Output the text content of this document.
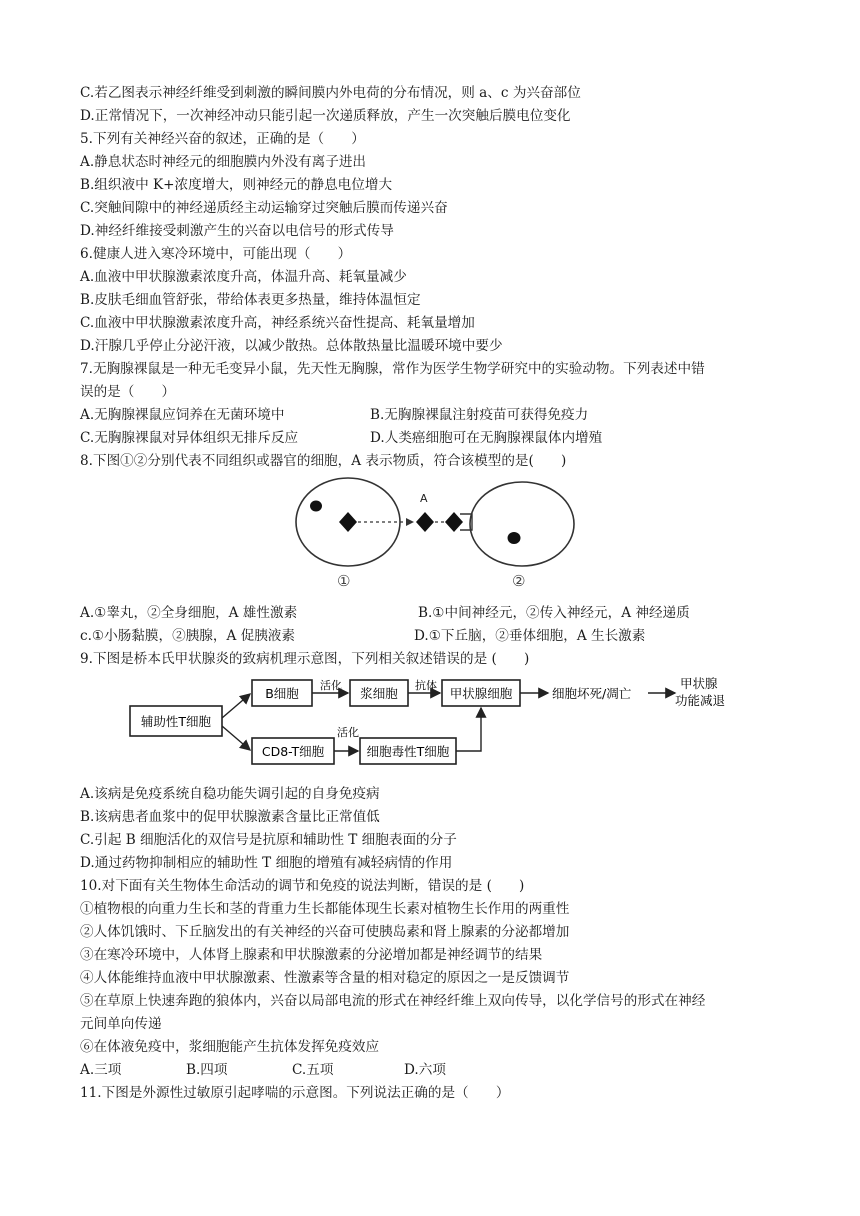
C.若乙图表示神经纤维受到刺激的瞬间膜内外电荷的分布情况，则 a、c 为兴奋部位
D.正常情况下，一次神经冲动只能引起一次递质释放，产生一次突触后膜电位变化
5.下列有关神经兴奋的叙述，正确的是（　　）
A.静息状态时神经元的细胞膜内外没有离子进出
B.组织液中 K+浓度增大，则神经元的静息电位增大
C.突触间隙中的神经递质经主动运输穿过突触后膜而传递兴奋
D.神经纤维接受刺激产生的兴奋以电信号的形式传导
6.健康人进入寒冷环境中，可能出现（　　）
A.血液中甲状腺激素浓度升高，体温升高、耗氧量减少
B.皮肤毛细血管舒张，带给体表更多热量，维持体温恒定
C.血液中甲状腺激素浓度升高，神经系统兴奋性提高、耗氧量增加
D.汗腺几乎停止分泌汗液，以减少散热。总体散热量比温暖环境中要少
7.无胸腺裸鼠是一种无毛变异小鼠，先天性无胸腺，常作为医学生物学研究中的实验动物。下列表述中错
误的是（　　）
A.无胸腺裸鼠应饲养在无菌环境中	B.无胸腺裸鼠注射疫苗可获得免疫力
C.无胸腺裸鼠对异体组织无排斥反应	D.人类癌细胞可在无胸腺裸鼠体内增殖
8.下图①②分别代表不同组织或器官的细胞，A 表示物质，符合该模型的是(　　)
A
①	②
A.①睾丸，②全身细胞，A 雄性激素	B.①中间神经元，②传入神经元，A 神经递质
c.①小肠黏膜，②胰腺，A 促胰液素	D.①下丘脑，②垂体细胞，A 生长激素
9.下图是桥本氏甲状腺炎的致病机理示意图，下列相关叙述错误的是 (　　)
辅助性T细胞
B细胞
活化
浆细胞
抗体
甲状腺细胞	细胞坏死/凋亡
甲状腺
功能减退
CD8-T细胞
活化
细胞毒性T细胞
A.该病是免疫系统自稳功能失调引起的自身免疫病
B.该病患者血浆中的促甲状腺激素含量比正常值低
C.引起 B 细胞活化的双信号是抗原和辅助性 T 细胞表面的分子
D.通过药物抑制相应的辅助性 T 细胞的增殖有减轻病情的作用
10.对下面有关生物体生命活动的调节和免疫的说法判断，错误的是 (　　)
①植物根的向重力生长和茎的背重力生长都能体现生长素对植物生长作用的两重性
②人体饥饿时、下丘脑发出的有关神经的兴奋可使胰岛素和肾上腺素的分泌都增加
③在寒冷环境中，人体肾上腺素和甲状腺激素的分泌增加都是神经调节的结果
④人体能维持血液中甲状腺激素、性激素等含量的相对稳定的原因之一是反馈调节
⑤在草原上快速奔跑的狼体内，兴奋以局部电流的形式在神经纤维上双向传导，以化学信号的形式在神经
元间单向传递
⑥在体液免疫中，浆细胞能产生抗体发挥免疫效应
A.三项	B.四项	C.五项	D.六项
11.下图是外源性过敏原引起哮喘的示意图。下列说法正确的是（　　）
